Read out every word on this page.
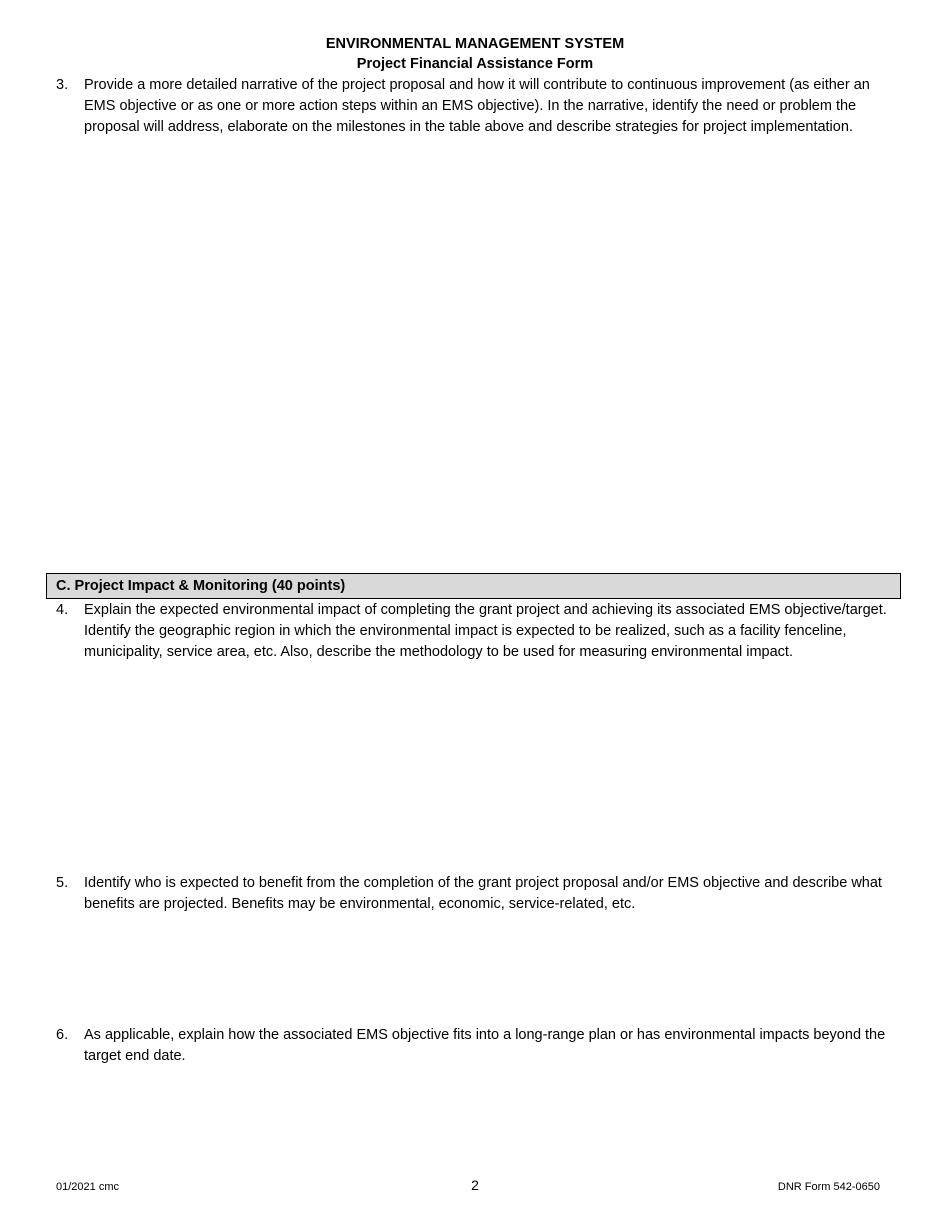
ENVIRONMENTAL MANAGEMENT SYSTEM
Project Financial Assistance Form
3.	Provide a more detailed narrative of the project proposal and how it will contribute to continuous improvement (as either an EMS objective or as one or more action steps within an EMS objective). In the narrative, identify the need or problem the proposal will address, elaborate on the milestones in the table above and describe strategies for project implementation.
C. Project Impact & Monitoring (40 points)
4.	Explain the expected environmental impact of completing the grant project and achieving its associated EMS objective/target. Identify the geographic region in which the environmental impact is expected to be realized, such as a facility fenceline, municipality, service area, etc. Also, describe the methodology to be used for measuring environmental impact.
5.	Identify who is expected to benefit from the completion of the grant project proposal and/or EMS objective and describe what benefits are projected. Benefits may be environmental, economic, service-related, etc.
6.	As applicable, explain how the associated EMS objective fits into a long-range plan or has environmental impacts beyond the target end date.
01/2021 cmc	2	DNR Form 542-0650
